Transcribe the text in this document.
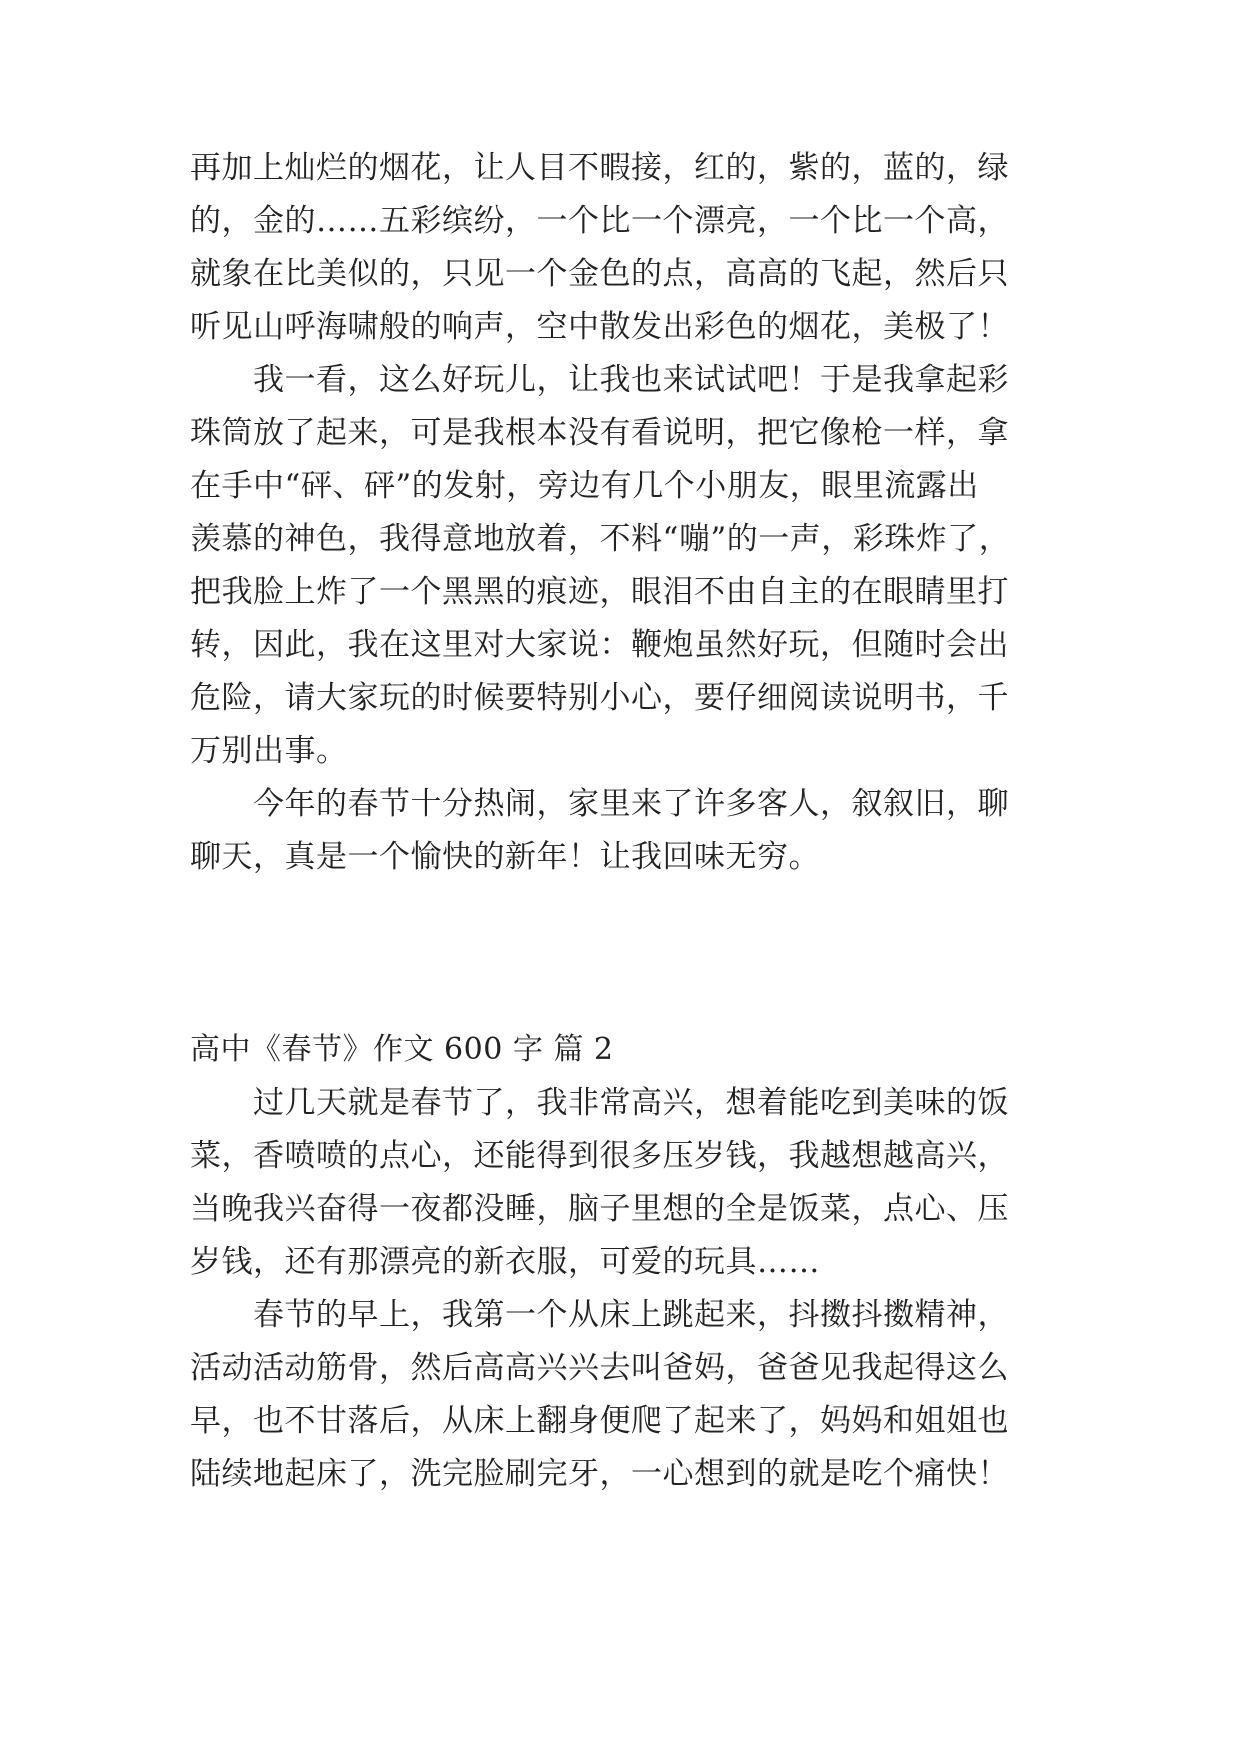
再加上灿烂的烟花，让人目不暇接，红的，紫的，蓝的，绿
的，金的……五彩缤纷，一个比一个漂亮，一个比一个高，
就象在比美似的，只见一个金色的点，高高的飞起，然后只
听见山呼海啸般的响声，空中散发出彩色的烟花，美极了！
我一看，这么好玩儿，让我也来试试吧！于是我拿起彩
珠筒放了起来，可是我根本没有看说明，把它像枪一样，拿
在手中“砰、砰”的发射，旁边有几个小朋友，眼里流露出
羡慕的神色，我得意地放着，不料“嘣”的一声，彩珠炸了，
把我脸上炸了一个黑黑的痕迹，眼泪不由自主的在眼睛里打
转，因此，我在这里对大家说：鞭炮虽然好玩，但随时会出
危险，请大家玩的时候要特别小心，要仔细阅读说明书，千
万别出事。
今年的春节十分热闹，家里来了许多客人，叙叙旧，聊
聊天，真是一个愉快的新年！让我回味无穷。
高中《春节》作文 600 字 篇 2
过几天就是春节了，我非常高兴，想着能吃到美味的饭
菜，香喷喷的点心，还能得到很多压岁钱，我越想越高兴，
当晚我兴奋得一夜都没睡，脑子里想的全是饭菜，点心、压
岁钱，还有那漂亮的新衣服，可爱的玩具……
春节的早上，我第一个从床上跳起来，抖擞抖擞精神，
活动活动筋骨，然后高高兴兴去叫爸妈，爸爸见我起得这么
早，也不甘落后，从床上翻身便爬了起来了，妈妈和姐姐也
陆续地起床了，洗完脸刷完牙，一心想到的就是吃个痛快！
